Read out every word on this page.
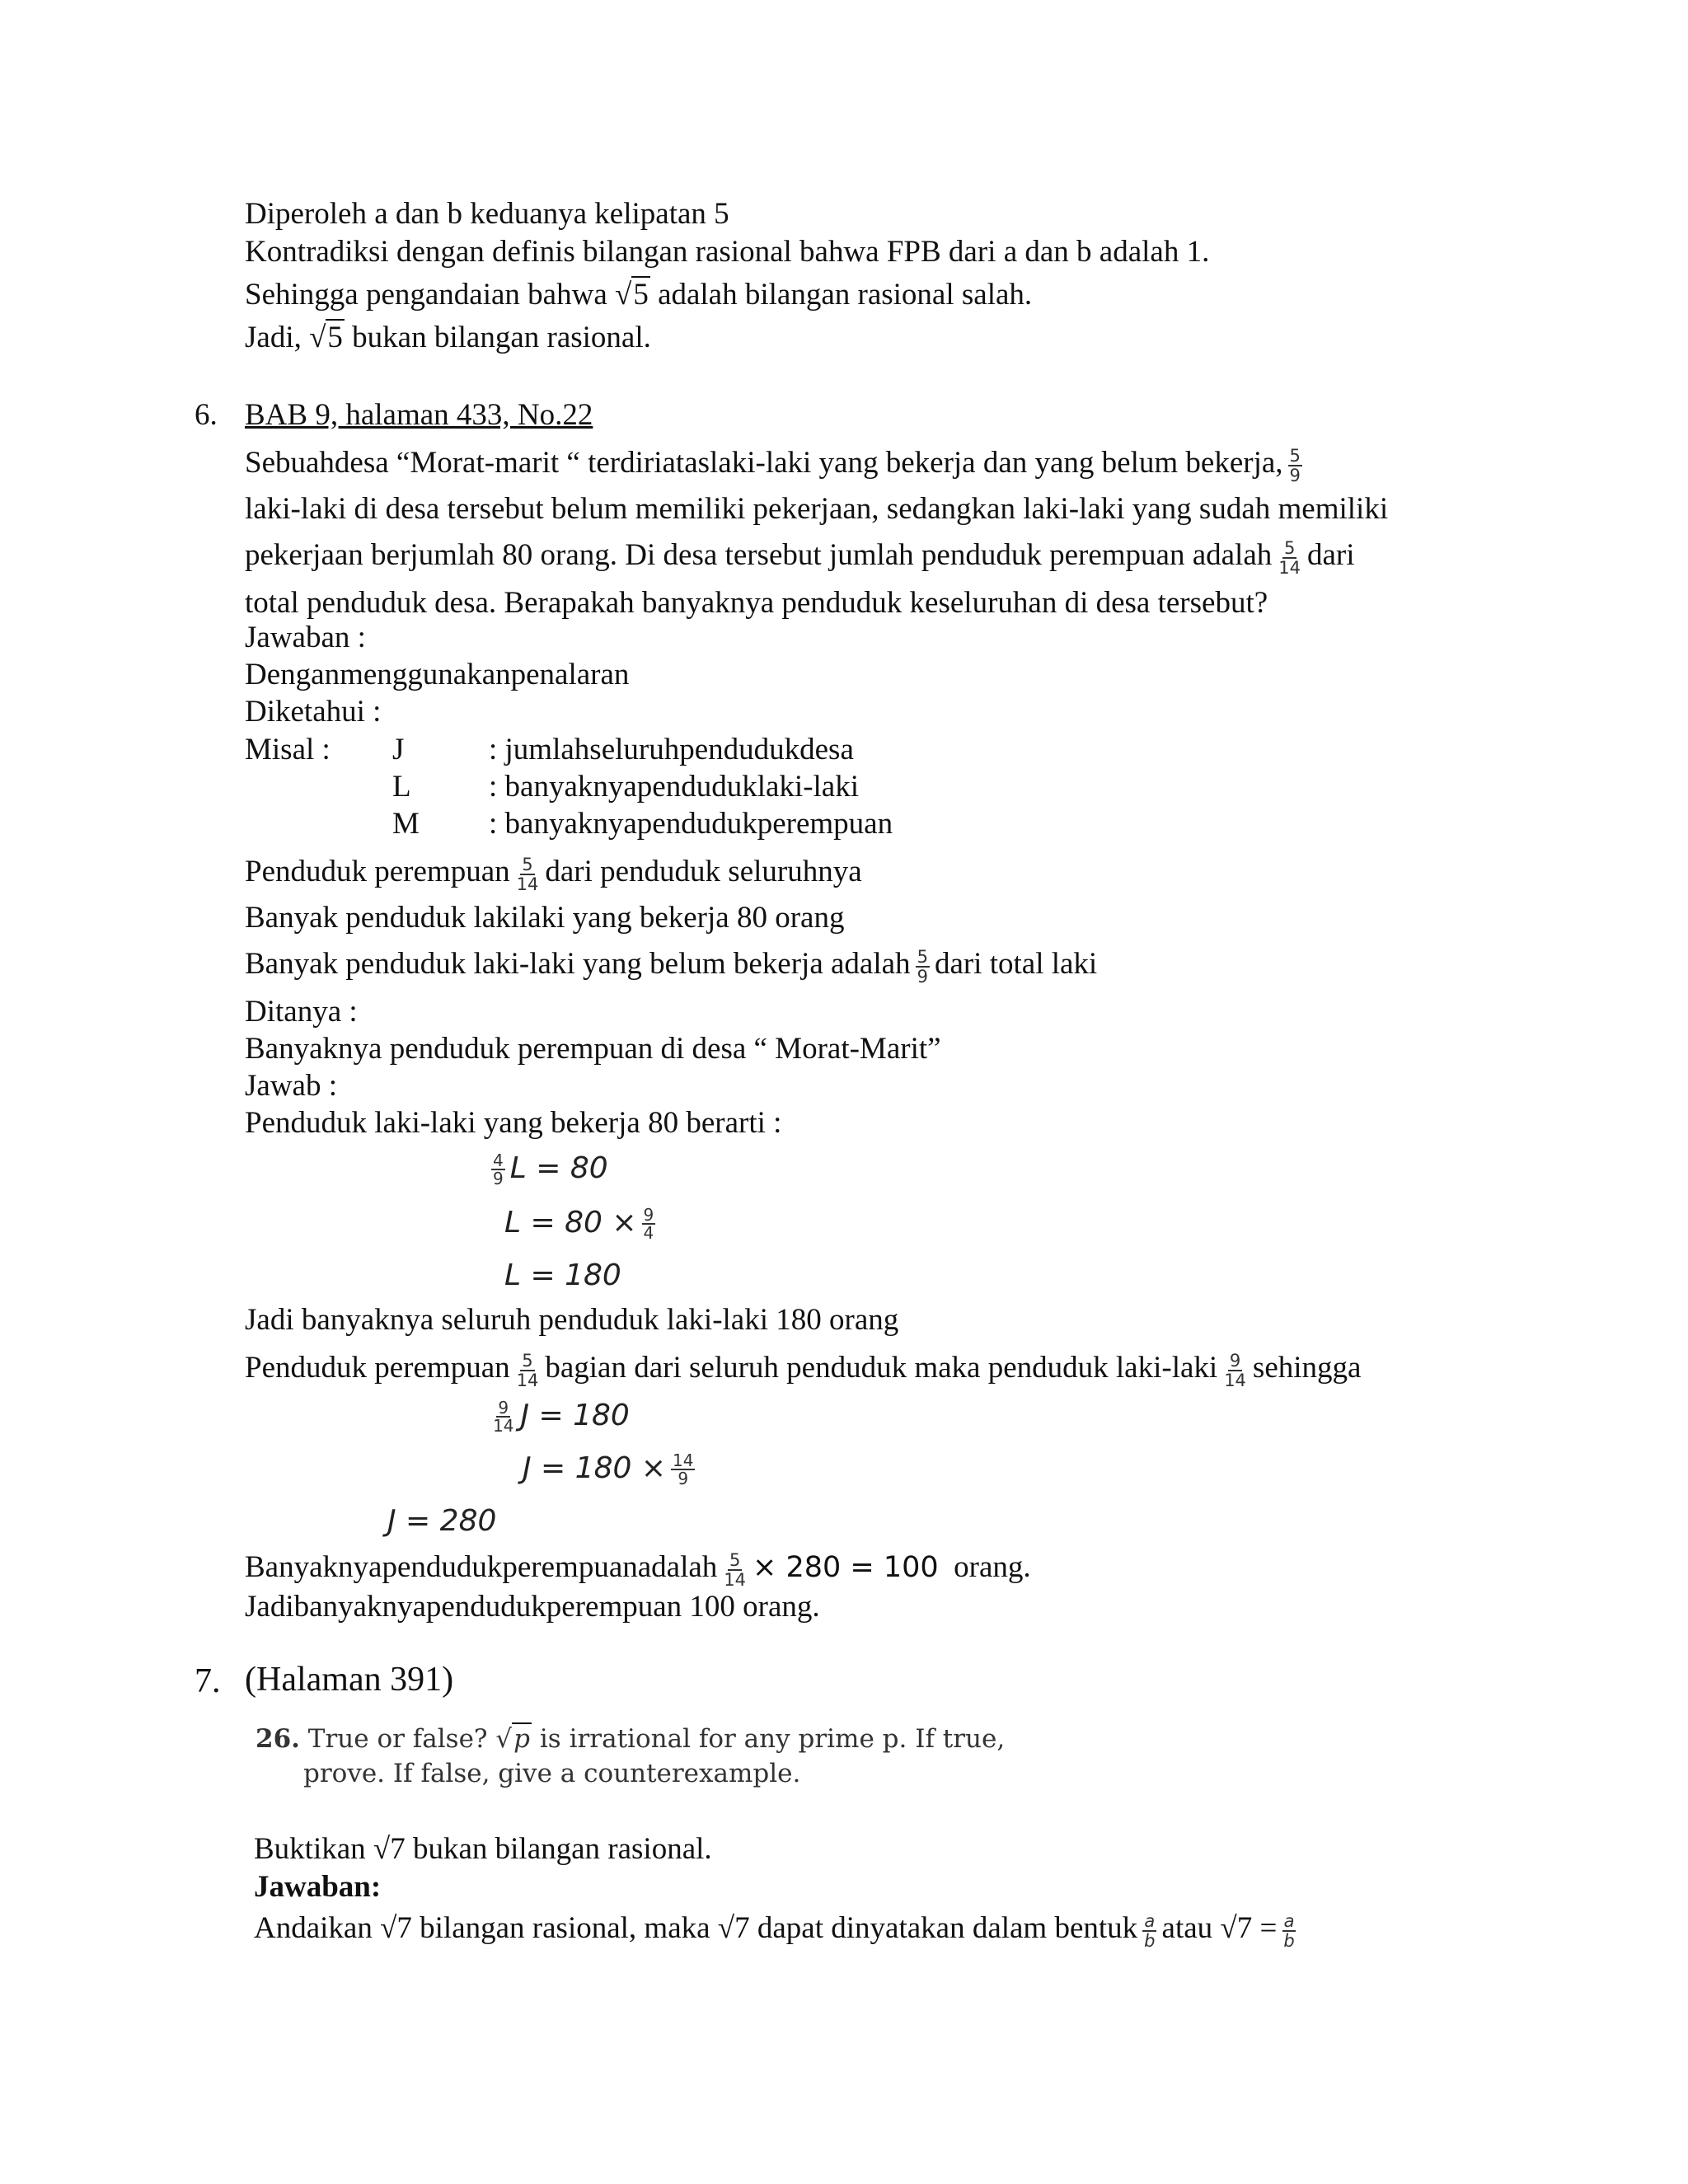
Diperoleh a dan b keduanya kelipatan 5
Kontradiksi dengan definis bilangan rasional bahwa FPB dari a dan b adalah 1.
Sehingga pengandaian bahwa √5 adalah bilangan rasional salah.
Jadi, √5 bukan bilangan rasional.
6. BAB 9, halaman 433, No.22
Sebuahdesa “Morat-marit “ terdiriataslaki-laki yang bekerja dan yang belum bekerja, $\frac{5}{9}$
laki-laki di desa tersebut belum memiliki pekerjaan, sedangkan laki-laki yang sudah memiliki
pekerjaan berjumlah 80 orang. Di desa tersebut jumlah penduduk perempuan adalah $\frac{5}{14}$ dari
total penduduk desa. Berapakah banyaknya penduduk keseluruhan di desa tersebut?
Jawaban :
Denganmenggunakanpenalaran
Diketahui :
Misal : J	: jumlahseluruhpendudukdesa
L	: banyaknyapenduduklaki-laki
M : banyaknyapendudukperempuan
Penduduk perempuan $\frac{5}{14}$ dari penduduk seluruhnya
Banyak penduduk lakilaki yang bekerja 80 orang
Banyak penduduk laki-laki yang belum bekerja adalah $\frac{5}{9}$ dari total laki
Ditanya :
Banyaknya penduduk perempuan di desa “ Morat-Marit”
Jawab :
Penduduk laki-laki yang bekerja 80 berarti :
$\frac{4}{9}$ L = 80
$L = 80 \times \frac{9}{4}$
L = 180
Jadi banyaknya seluruh penduduk laki-laki 180 orang
Penduduk perempuan $\frac{5}{14}$ bagian dari seluruh penduduk maka penduduk laki-laki $\frac{9}{14}$ sehingga
$\frac{9}{14}$ J = 180
$J = 180 \times \frac{14}{9}$
J = 280
Banyaknyapendudukperempuanadalah $\frac{5}{14} \times 280 = 100$ orang.
Jadibanyaknyapendudukperempuan 100 orang.
7. (Halaman 391)
26. True or false? √p is irrational for any prime p. If true,
prove. If false, give a counterexample.
Buktikan √7 bukan bilangan rasional.
Jawaban:
Andaikan √7 bilangan rasional, maka √7 dapat dinyatakan dalam bentuk $\frac{a}{b}$ atau $√7 = \frac{a}{b}$
